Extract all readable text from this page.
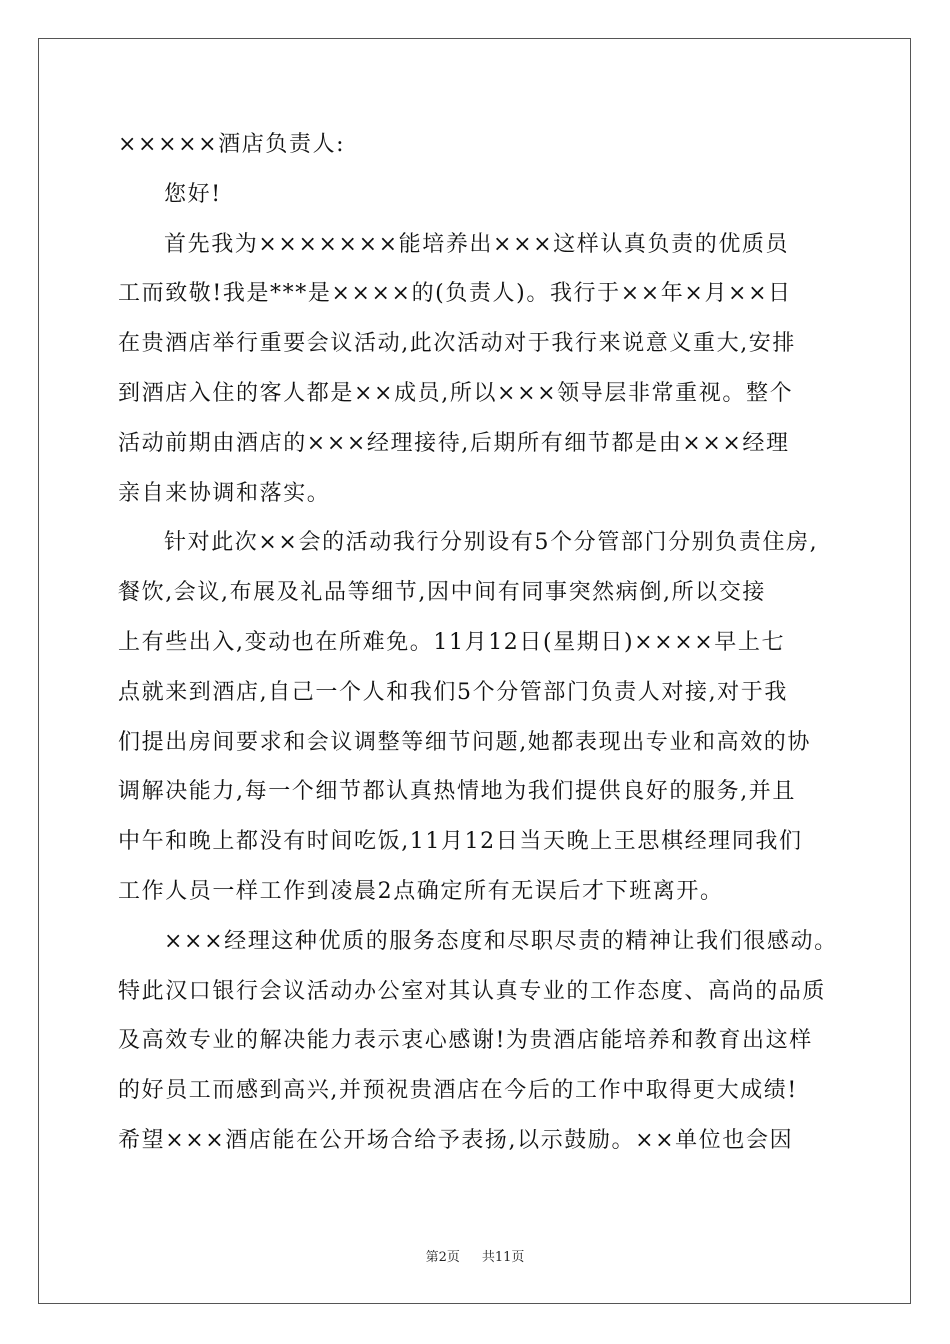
×××××酒店负责人:
您好!
首先我为×××××××能培养出×××这样认真负责的优质员
工而致敬!我是***是××××的(负责人)。我行于××年×月××日
在贵酒店举行重要会议活动,此次活动对于我行来说意义重大,安排
到酒店入住的客人都是××成员,所以×××领导层非常重视。整个
活动前期由酒店的×××经理接待,后期所有细节都是由×××经理
亲自来协调和落实。
针对此次××会的活动我行分别设有5个分管部门分别负责住房,
餐饮,会议,布展及礼品等细节,因中间有同事突然病倒,所以交接
上有些出入,变动也在所难免。11月12日(星期日)××××早上七
点就来到酒店,自己一个人和我们5个分管部门负责人对接,对于我
们提出房间要求和会议调整等细节问题,她都表现出专业和高效的协
调解决能力,每一个细节都认真热情地为我们提供良好的服务,并且
中午和晚上都没有时间吃饭,11月12日当天晚上王思棋经理同我们
工作人员一样工作到凌晨2点确定所有无误后才下班离开。
×××经理这种优质的服务态度和尽职尽责的精神让我们很感动。
特此汉口银行会议活动办公室对其认真专业的工作态度、高尚的品质
及高效专业的解决能力表示衷心感谢!为贵酒店能培养和教育出这样
的好员工而感到高兴,并预祝贵酒店在今后的工作中取得更大成绩!
希望×××酒店能在公开场合给予表扬,以示鼓励。××单位也会因
第2页 共11页
